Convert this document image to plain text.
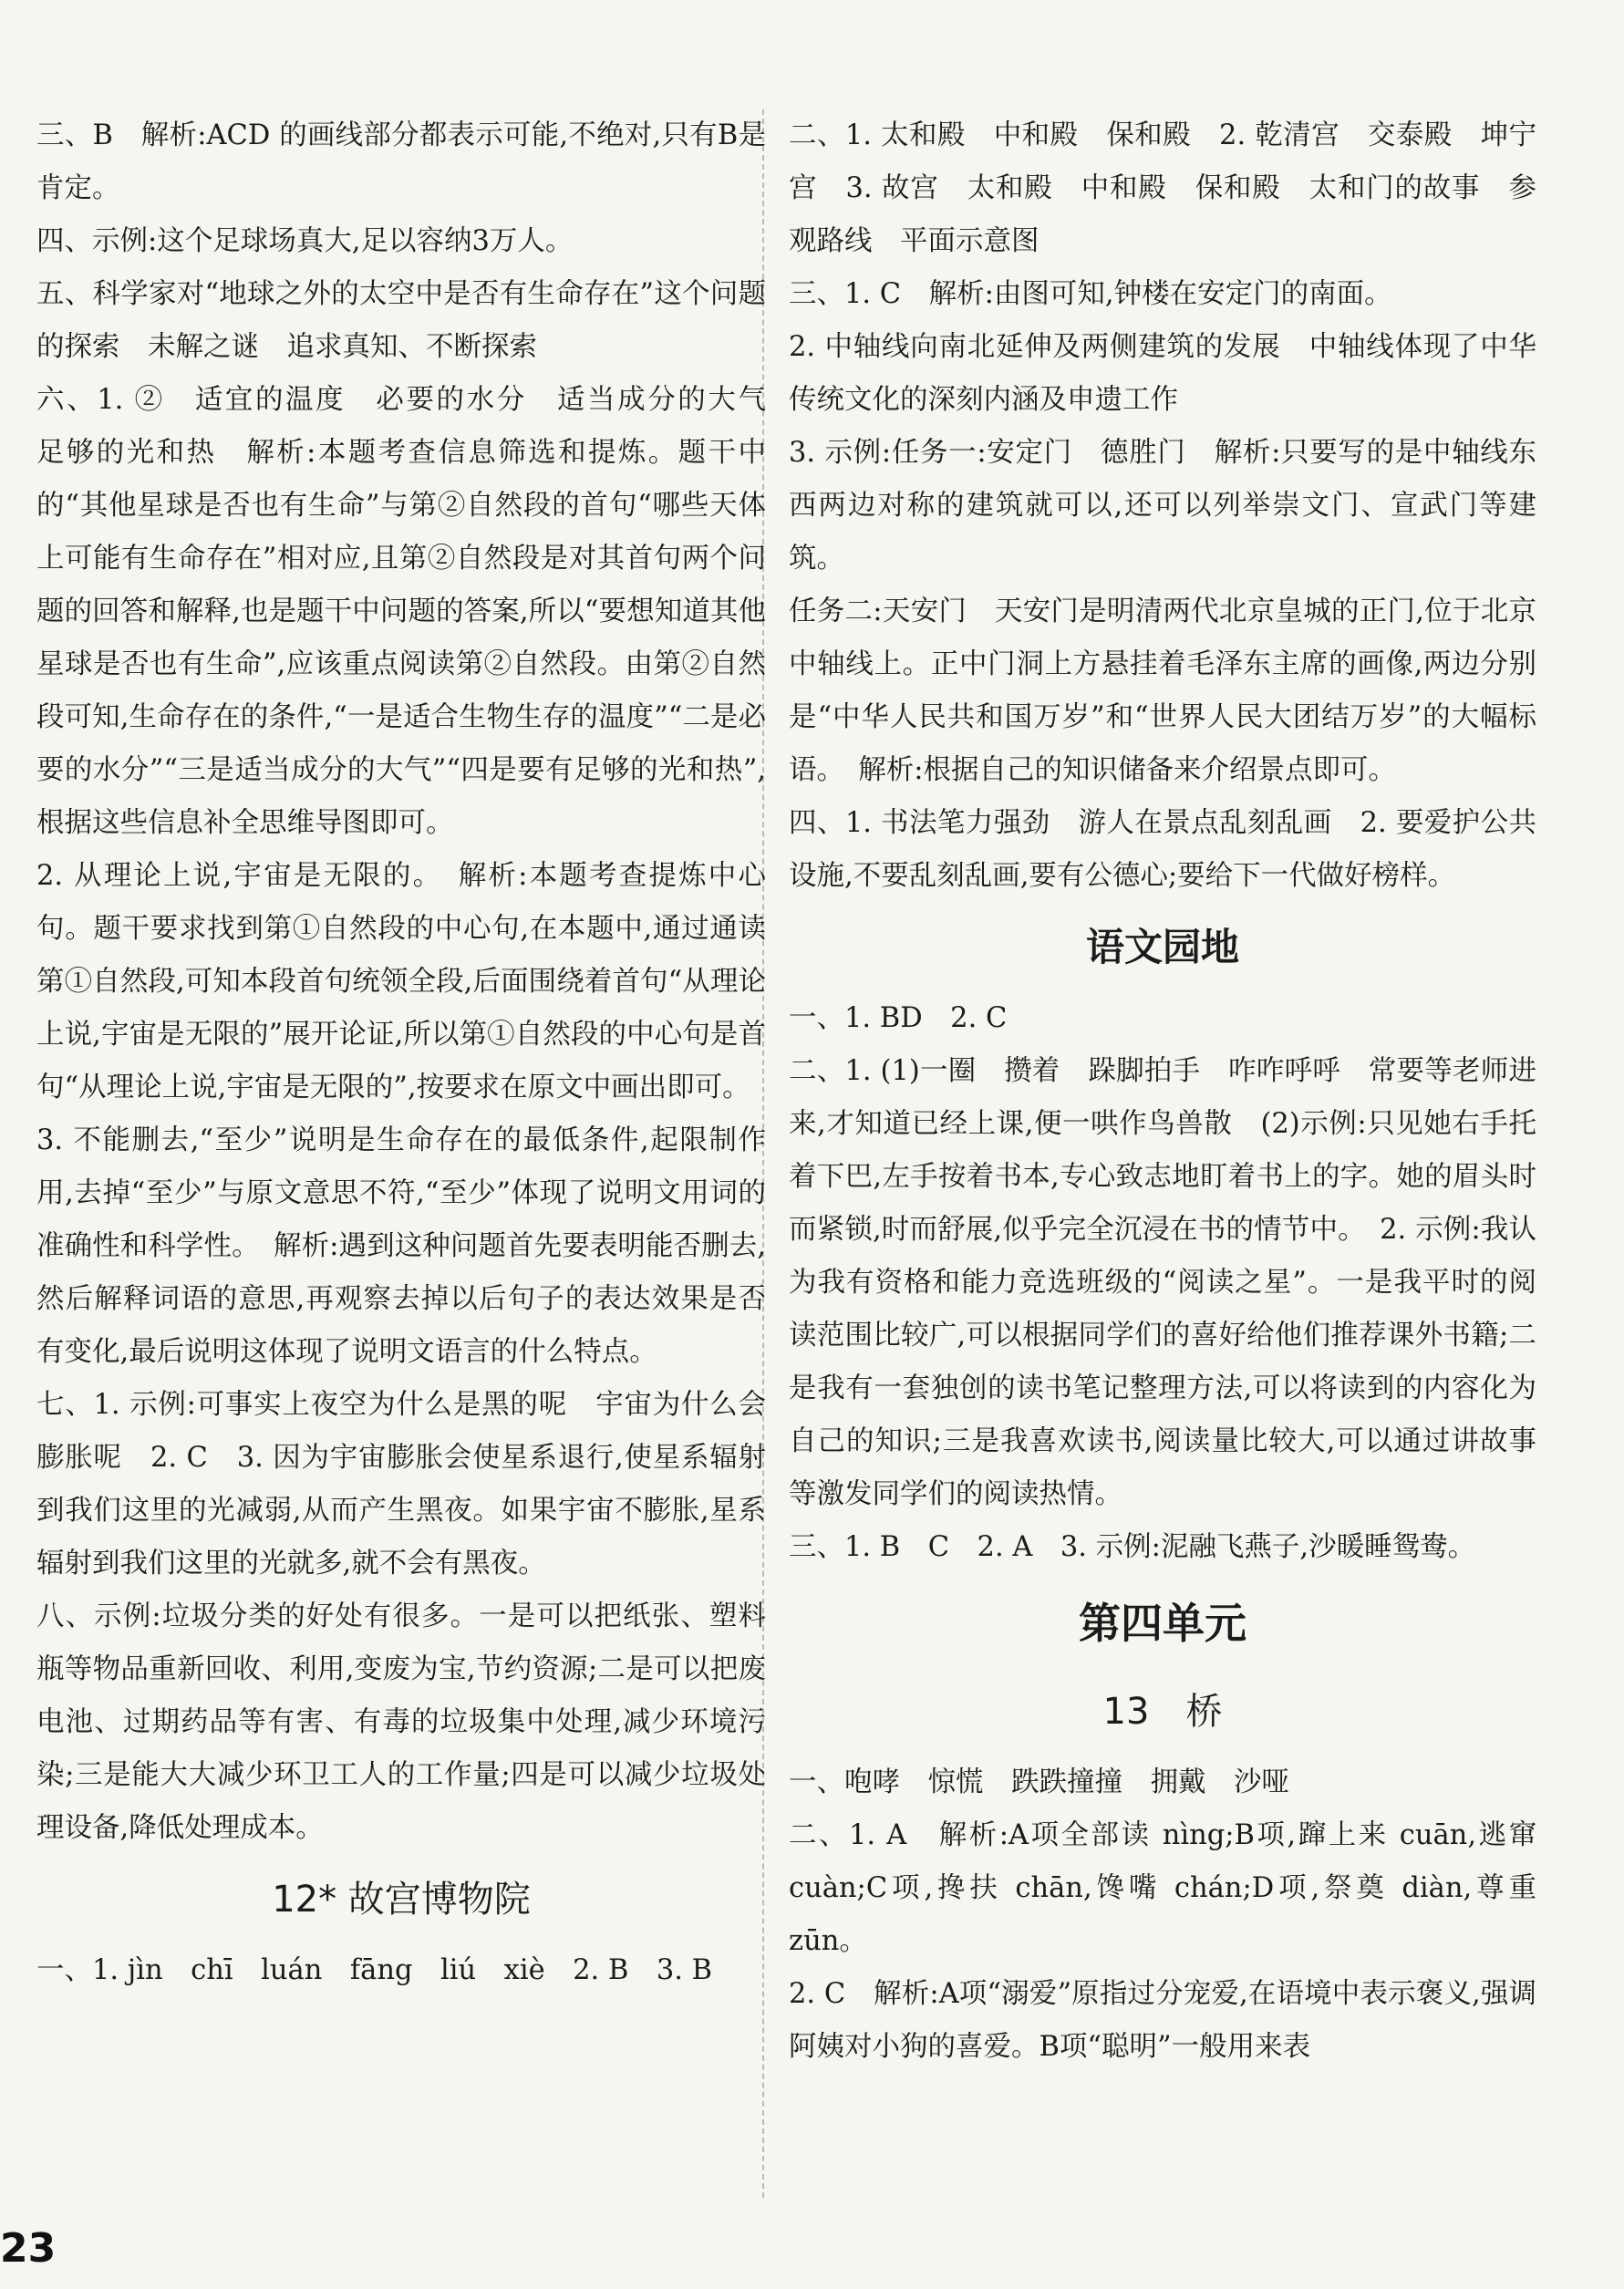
三、B　解析:ACD 的画线部分都表示可能,不绝对,只有B是肯定。

四、示例:这个足球场真大,足以容纳3万人。

五、科学家对“地球之外的太空中是否有生命存在”这个问题的探索　未解之谜　追求真知、不断探索

六、1. ②　适宜的温度　必要的水分　适当成分的大气　足够的光和热　解析:本题考查信息筛选和提炼。题干中的“其他星球是否也有生命”与第②自然段的首句“哪些天体上可能有生命存在”相对应,且第②自然段是对其首句两个问题的回答和解释,也是题干中问题的答案,所以“要想知道其他星球是否也有生命”,应该重点阅读第②自然段。由第②自然段可知,生命存在的条件,“一是适合生物生存的温度”“二是必要的水分”“三是适当成分的大气”“四是要有足够的光和热”,根据这些信息补全思维导图即可。

2. 从理论上说,宇宙是无限的。　解析:本题考查提炼中心句。题干要求找到第①自然段的中心句,在本题中,通过通读第①自然段,可知本段首句统领全段,后面围绕着首句“从理论上说,宇宙是无限的”展开论证,所以第①自然段的中心句是首句“从理论上说,宇宙是无限的”,按要求在原文中画出即可。

3. 不能删去,“至少”说明是生命存在的最低条件,起限制作用,去掉“至少”与原文意思不符,“至少”体现了说明文用词的准确性和科学性。　解析:遇到这种问题首先要表明能否删去,然后解释词语的意思,再观察去掉以后句子的表达效果是否有变化,最后说明这体现了说明文语言的什么特点。

七、1. 示例:可事实上夜空为什么是黑的呢　宇宙为什么会膨胀呢　2. C　3. 因为宇宙膨胀会使星系退行,使星系辐射到我们这里的光减弱,从而产生黑夜。如果宇宙不膨胀,星系辐射到我们这里的光就多,就不会有黑夜。

八、示例:垃圾分类的好处有很多。一是可以把纸张、塑料瓶等物品重新回收、利用,变废为宝,节约资源;二是可以把废电池、过期药品等有害、有毒的垃圾集中处理,减少环境污染;三是能大大减少环卫工人的工作量;四是可以减少垃圾处理设备,降低处理成本。

12* 故宫博物院

一、1. jìn　chī　luán　fāng　liú　xiè　2. B　3. B

二、1. 太和殿　中和殿　保和殿　2. 乾清宫　交泰殿　坤宁宫　3. 故宫　太和殿　中和殿　保和殿　太和门的故事　参观路线　平面示意图

三、1. C　解析:由图可知,钟楼在安定门的南面。

2. 中轴线向南北延伸及两侧建筑的发展　中轴线体现了中华传统文化的深刻内涵及申遗工作

3. 示例:任务一:安定门　德胜门　解析:只要写的是中轴线东西两边对称的建筑就可以,还可以列举崇文门、宣武门等建筑。

任务二:天安门　天安门是明清两代北京皇城的正门,位于北京中轴线上。正中门洞上方悬挂着毛泽东主席的画像,两边分别是“中华人民共和国万岁”和“世界人民大团结万岁”的大幅标语。　解析:根据自己的知识储备来介绍景点即可。

四、1. 书法笔力强劲　游人在景点乱刻乱画　2. 要爱护公共设施,不要乱刻乱画,要有公德心;要给下一代做好榜样。

语文园地

一、1. BD　2. C

二、1. (1)一圈　攒着　跺脚拍手　咋咋呼呼　常要等老师进来,才知道已经上课,便一哄作鸟兽散　(2)示例:只见她右手托着下巴,左手按着书本,专心致志地盯着书上的字。她的眉头时而紧锁,时而舒展,似乎完全沉浸在书的情节中。　2. 示例:我认为我有资格和能力竞选班级的“阅读之星”。一是我平时的阅读范围比较广,可以根据同学们的喜好给他们推荐课外书籍;二是我有一套独创的读书笔记整理方法,可以将读到的内容化为自己的知识;三是我喜欢读书,阅读量比较大,可以通过讲故事等激发同学们的阅读热情。

三、1. B　C　2. A　3. 示例:泥融飞燕子,沙暖睡鸳鸯。

第四单元
13　桥

一、咆哮　惊慌　跌跌撞撞　拥戴　沙哑

二、1. A　解析:A项全部读 nìng;B项,蹿上来 cuān,逃窜 cuàn;C项,搀扶 chān,馋嘴 chán;D项,祭奠 diàn,尊重 zūn。

2. C　解析:A项“溺爱”原指过分宠爱,在语境中表示褒义,强调阿姨对小狗的喜爱。B项“聪明”一般用来表

23
